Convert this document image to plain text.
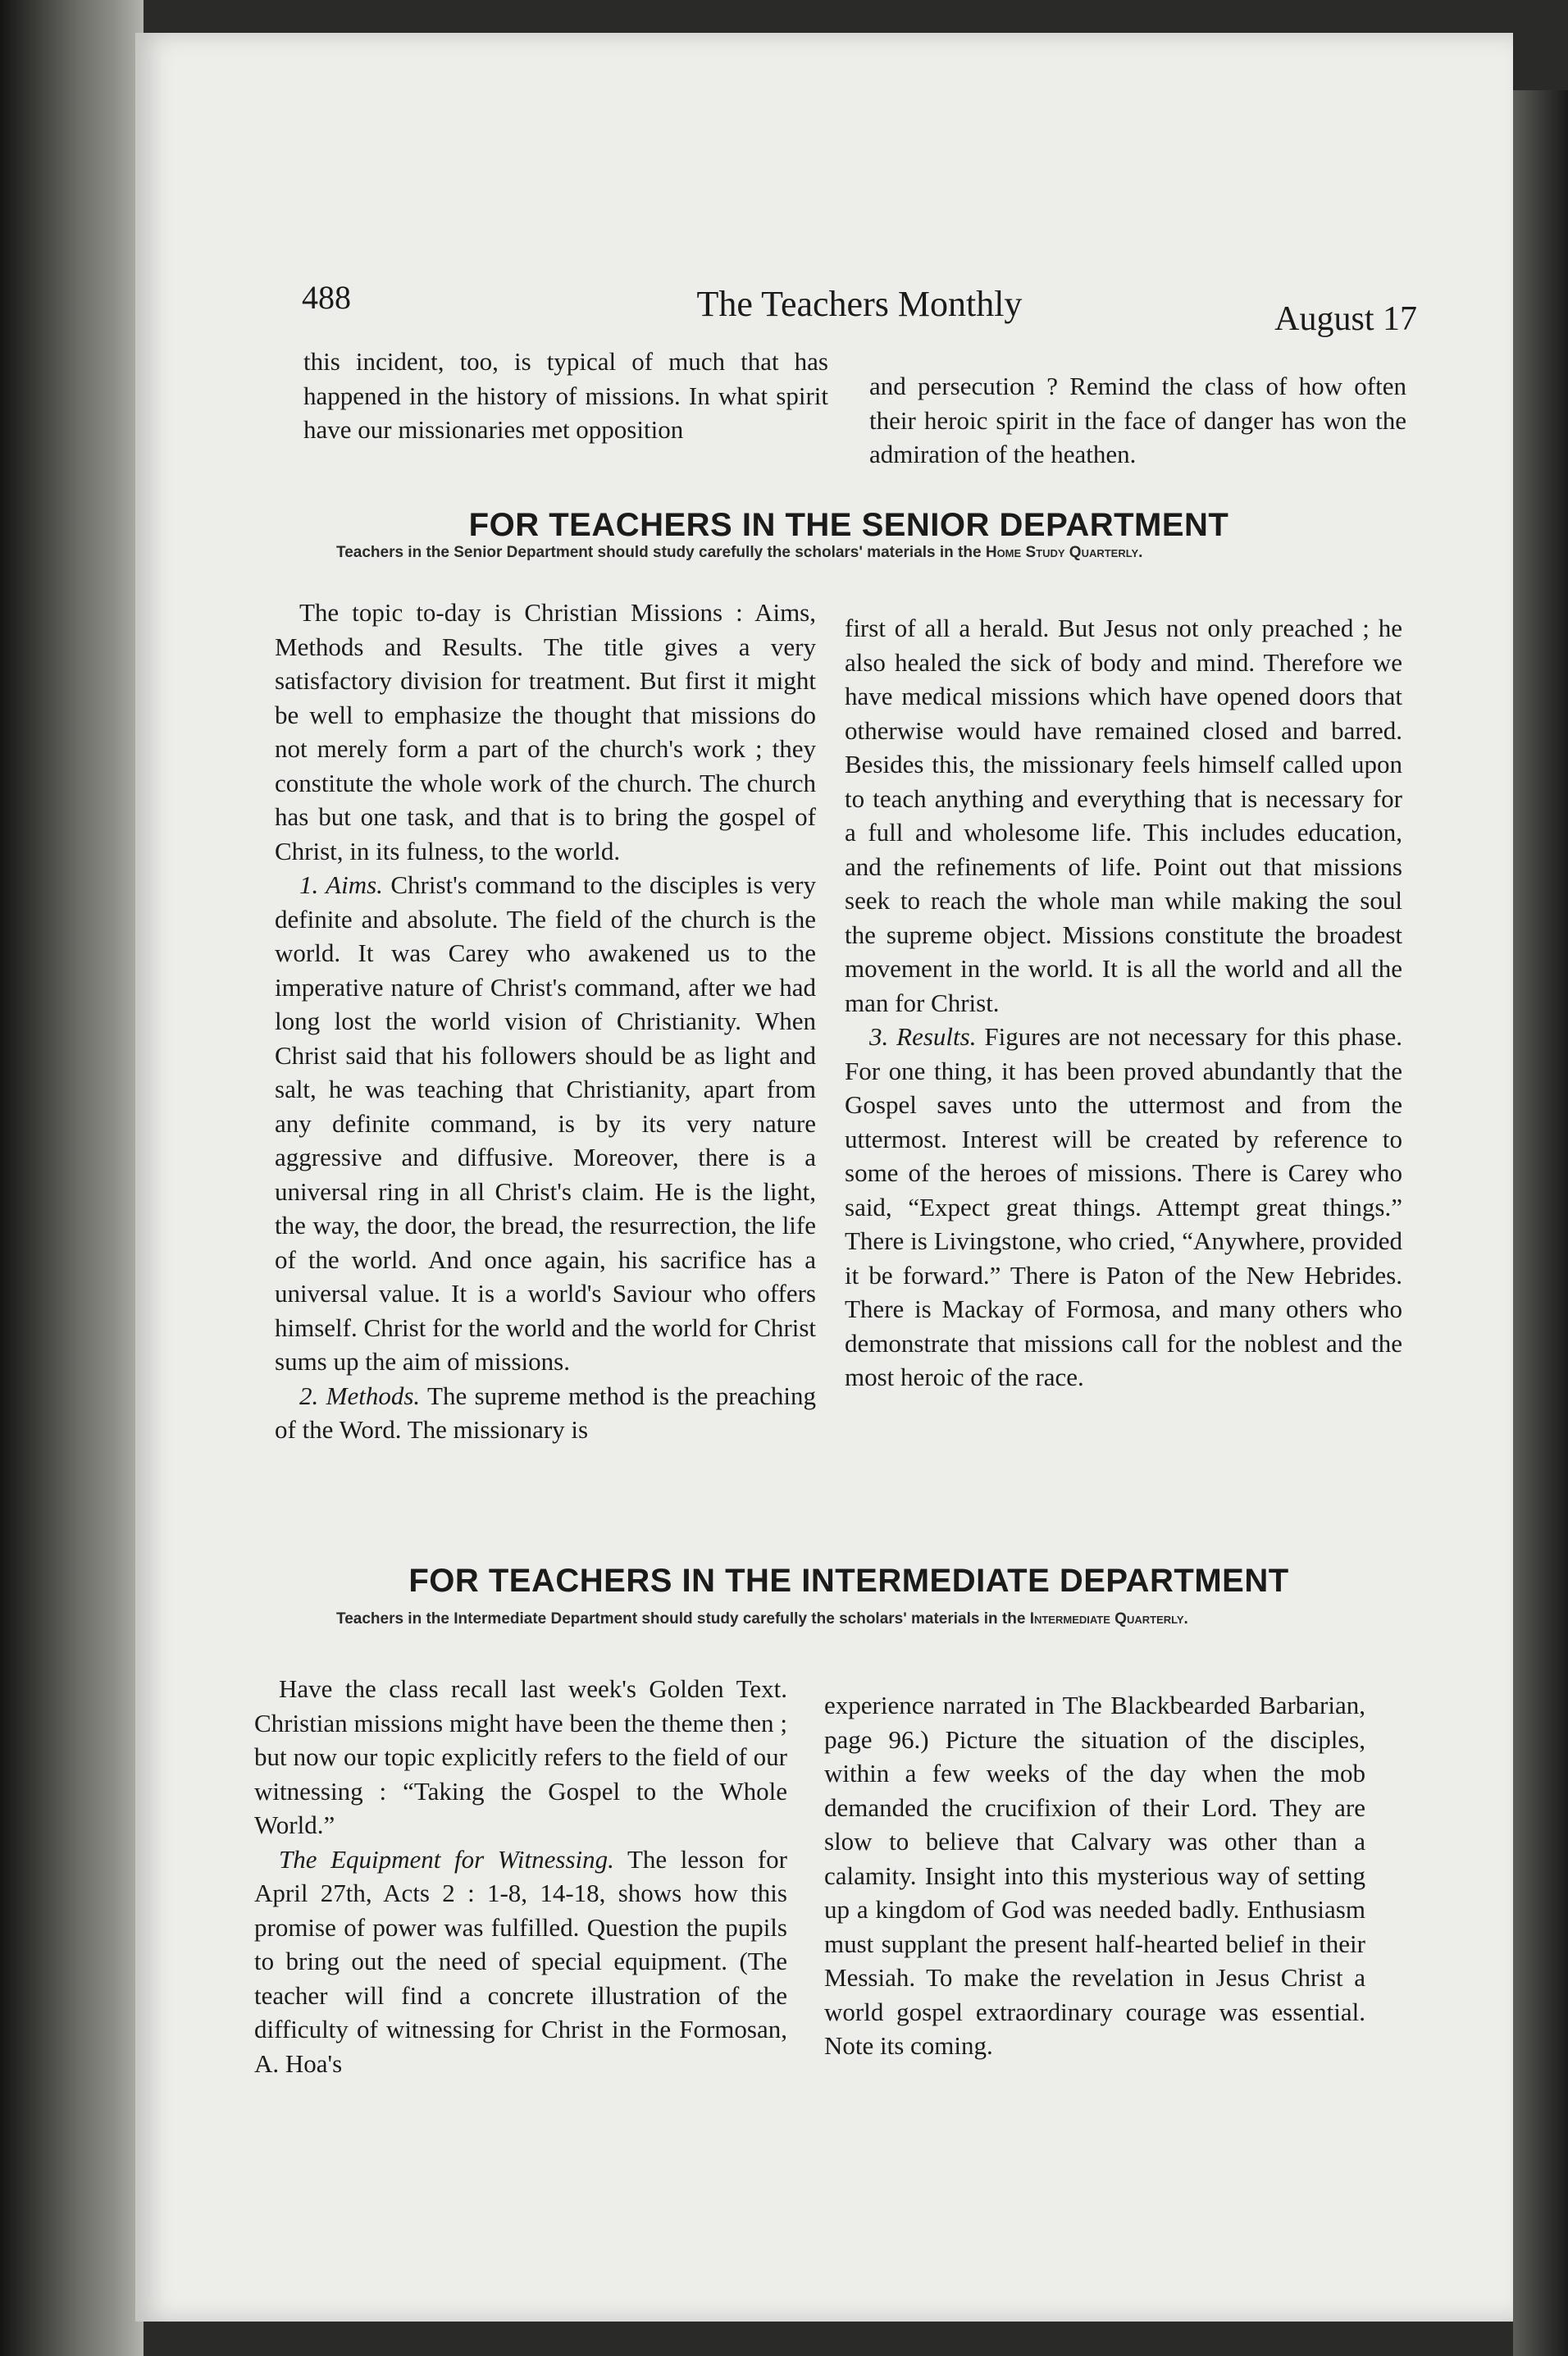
488	The Teachers Monthly	August 17

this incident, too, is typical of much that has happened in the history of missions. In what spirit have our missionaries met opposition

and persecution ? Remind the class of how often their heroic spirit in the face of danger has won the admiration of the heathen.

FOR TEACHERS IN THE SENIOR DEPARTMENT
Teachers in the Senior Department should study carefully the scholars' materials in the Home Study Quarterly.

The topic to-day is Christian Missions : Aims, Methods and Results. The title gives a very satisfactory division for treatment. But first it might be well to emphasize the thought that missions do not merely form a part of the church's work ; they constitute the whole work of the church. The church has but one task, and that is to bring the gospel of Christ, in its fulness, to the world.

1. Aims. Christ's command to the disciples is very definite and absolute. The field of the church is the world. It was Carey who awakened us to the imperative nature of Christ's command, after we had long lost the world vision of Christianity. When Christ said that his followers should be as light and salt, he was teaching that Christianity, apart from any definite command, is by its very nature aggressive and diffusive. Moreover, there is a universal ring in all Christ's claim. He is the light, the way, the door, the bread, the resurrection, the life of the world. And once again, his sacrifice has a universal value. It is a world's Saviour who offers himself. Christ for the world and the world for Christ sums up the aim of missions.

2. Methods. The supreme method is the preaching of the Word. The missionary is

first of all a herald. But Jesus not only preached ; he also healed the sick of body and mind. Therefore we have medical missions which have opened doors that otherwise would have remained closed and barred. Besides this, the missionary feels himself called upon to teach anything and everything that is necessary for a full and wholesome life. This includes education, and the refinements of life. Point out that missions seek to reach the whole man while making the soul the supreme object. Missions constitute the broadest movement in the world. It is all the world and all the man for Christ.

3. Results. Figures are not necessary for this phase. For one thing, it has been proved abundantly that the Gospel saves unto the uttermost and from the uttermost. Interest will be created by reference to some of the heroes of missions. There is Carey who said, “Expect great things. Attempt great things.” There is Livingstone, who cried, “Anywhere, provided it be forward.” There is Paton of the New Hebrides. There is Mackay of Formosa, and many others who demonstrate that missions call for the noblest and the most heroic of the race.

FOR TEACHERS IN THE INTERMEDIATE DEPARTMENT
Teachers in the Intermediate Department should study carefully the scholars' materials in the Intermediate Quarterly.

Have the class recall last week's Golden Text. Christian missions might have been the theme then ; but now our topic explicitly refers to the field of our witnessing : “Taking the Gospel to the Whole World.”

The Equipment for Witnessing. The lesson for April 27th, Acts 2 : 1-8, 14-18, shows how this promise of power was fulfilled. Question the pupils to bring out the need of special equipment. (The teacher will find a concrete illustration of the difficulty of witnessing for Christ in the Formosan, A. Hoa's

experience narrated in The Blackbearded Barbarian, page 96.) Picture the situation of the disciples, within a few weeks of the day when the mob demanded the crucifixion of their Lord. They are slow to believe that Calvary was other than a calamity. Insight into this mysterious way of setting up a kingdom of God was needed badly. Enthusiasm must supplant the present half-hearted belief in their Messiah. To make the revelation in Jesus Christ a world gospel extraordinary courage was essential. Note its coming.
